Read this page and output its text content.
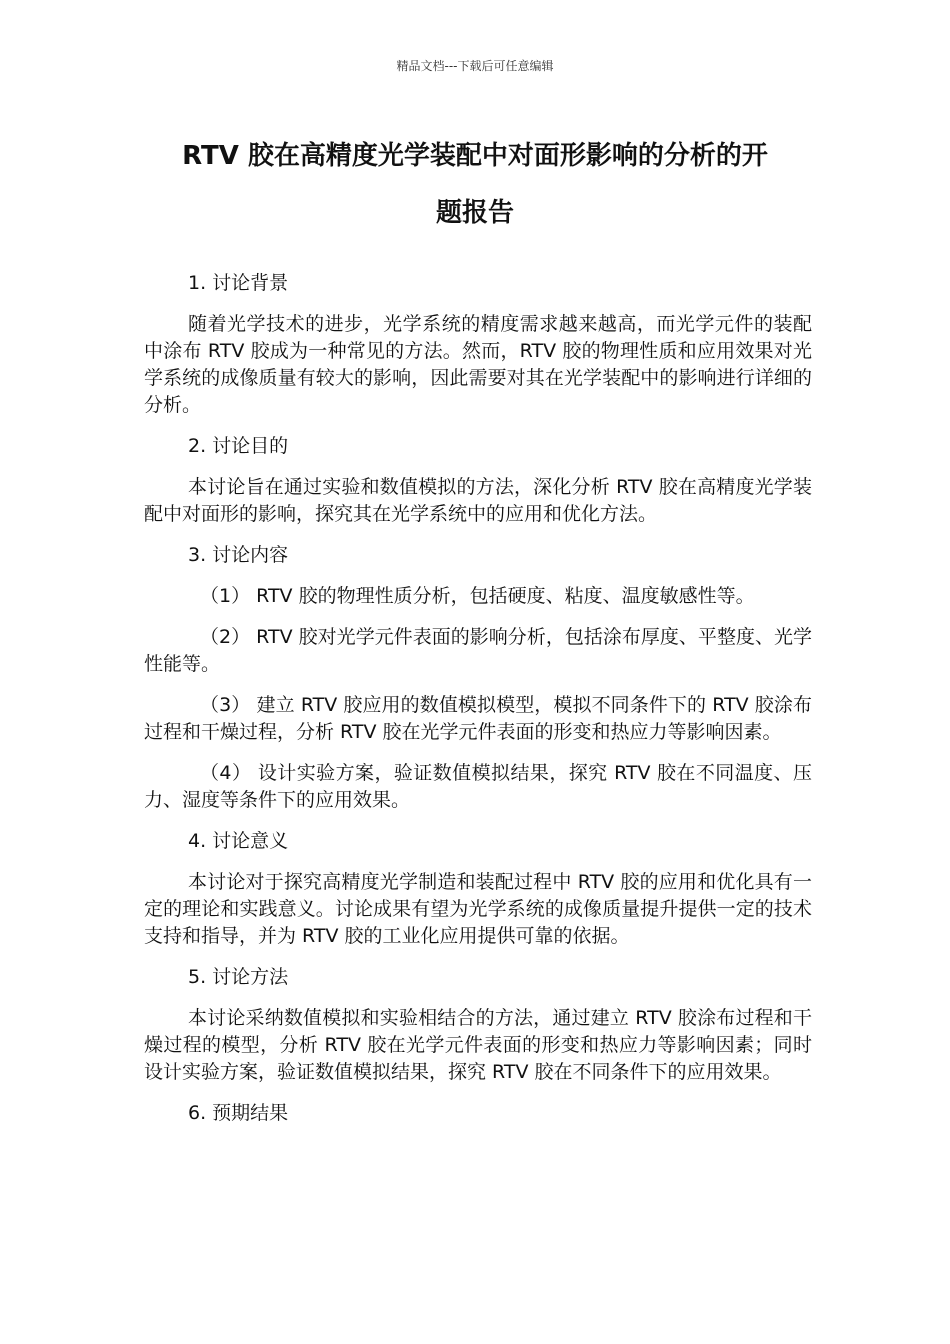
精品文档---下载后可任意编辑
RTV 胶在高精度光学装配中对面形影响的分析的开
题报告

1. 讨论背景

随着光学技术的进步，光学系统的精度需求越来越高，而光学元件的装配中涂布 RTV 胶成为一种常见的方法。然而，RTV 胶的物理性质和应用效果对光学系统的成像质量有较大的影响，因此需要对其在光学装配中的影响进行详细的分析。

2. 讨论目的

本讨论旨在通过实验和数值模拟的方法，深化分析 RTV 胶在高精度光学装配中对面形的影响，探究其在光学系统中的应用和优化方法。

3. 讨论内容

（1） RTV 胶的物理性质分析，包括硬度、粘度、温度敏感性等。

（2） RTV 胶对光学元件表面的影响分析，包括涂布厚度、平整度、光学性能等。

（3） 建立 RTV 胶应用的数值模拟模型，模拟不同条件下的 RTV 胶涂布过程和干燥过程，分析 RTV 胶在光学元件表面的形变和热应力等影响因素。

（4） 设计实验方案，验证数值模拟结果，探究 RTV 胶在不同温度、压力、湿度等条件下的应用效果。

4. 讨论意义

本讨论对于探究高精度光学制造和装配过程中 RTV 胶的应用和优化具有一定的理论和实践意义。讨论成果有望为光学系统的成像质量提升提供一定的技术支持和指导，并为 RTV 胶的工业化应用提供可靠的依据。

5. 讨论方法

本讨论采纳数值模拟和实验相结合的方法，通过建立 RTV 胶涂布过程和干燥过程的模型，分析 RTV 胶在光学元件表面的形变和热应力等影响因素；同时设计实验方案，验证数值模拟结果，探究 RTV 胶在不同条件下的应用效果。

6. 预期结果
